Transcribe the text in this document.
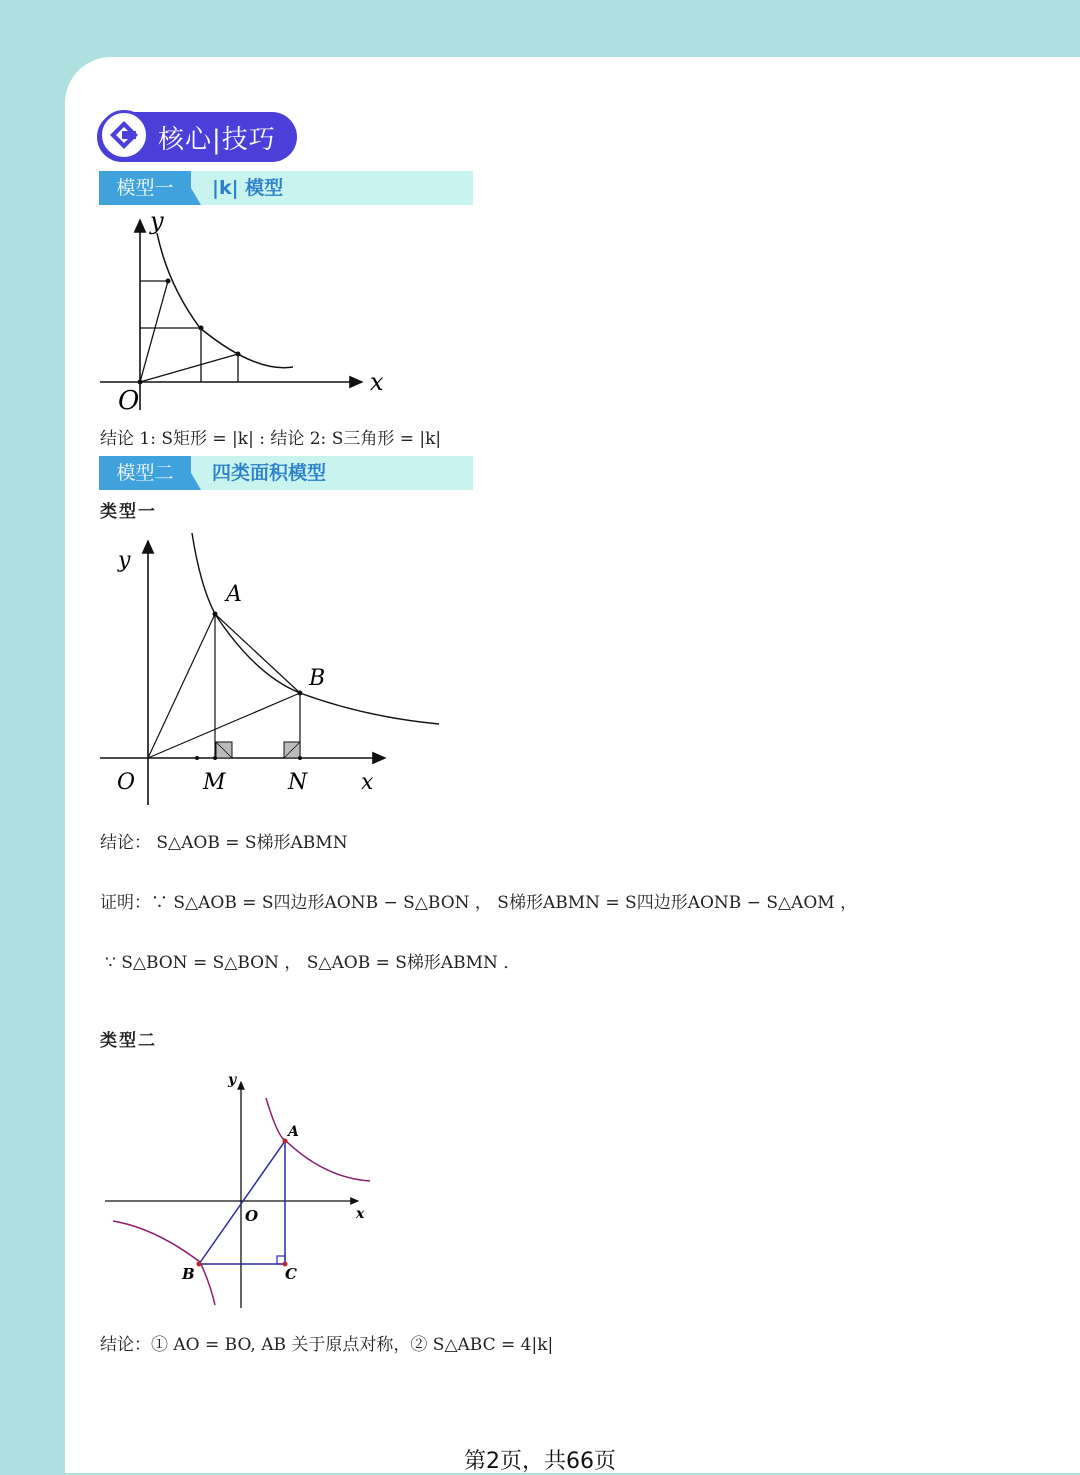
核心|技巧
模型一	|k| 模型
y
x
O
结论 1: S矩形 = |k| : 结论 2: S三角形 = |k|
模型二	四类面积模型
类型一
y
A
B
O	M	N x
结论： S△AOB = S梯形ABMN
证明：∵ S△AOB = S四边形AONB − S△BON ， S梯形ABMN = S四边形AONB − S△AOM ，
∵ S△BON = S△BON ， S△AOB = S梯形ABMN ．
类型二
y
A
O	x
B	C
结论：① AO = BO, AB 关于原点对称，② S△ABC = 4|k|
第2页，共66页
